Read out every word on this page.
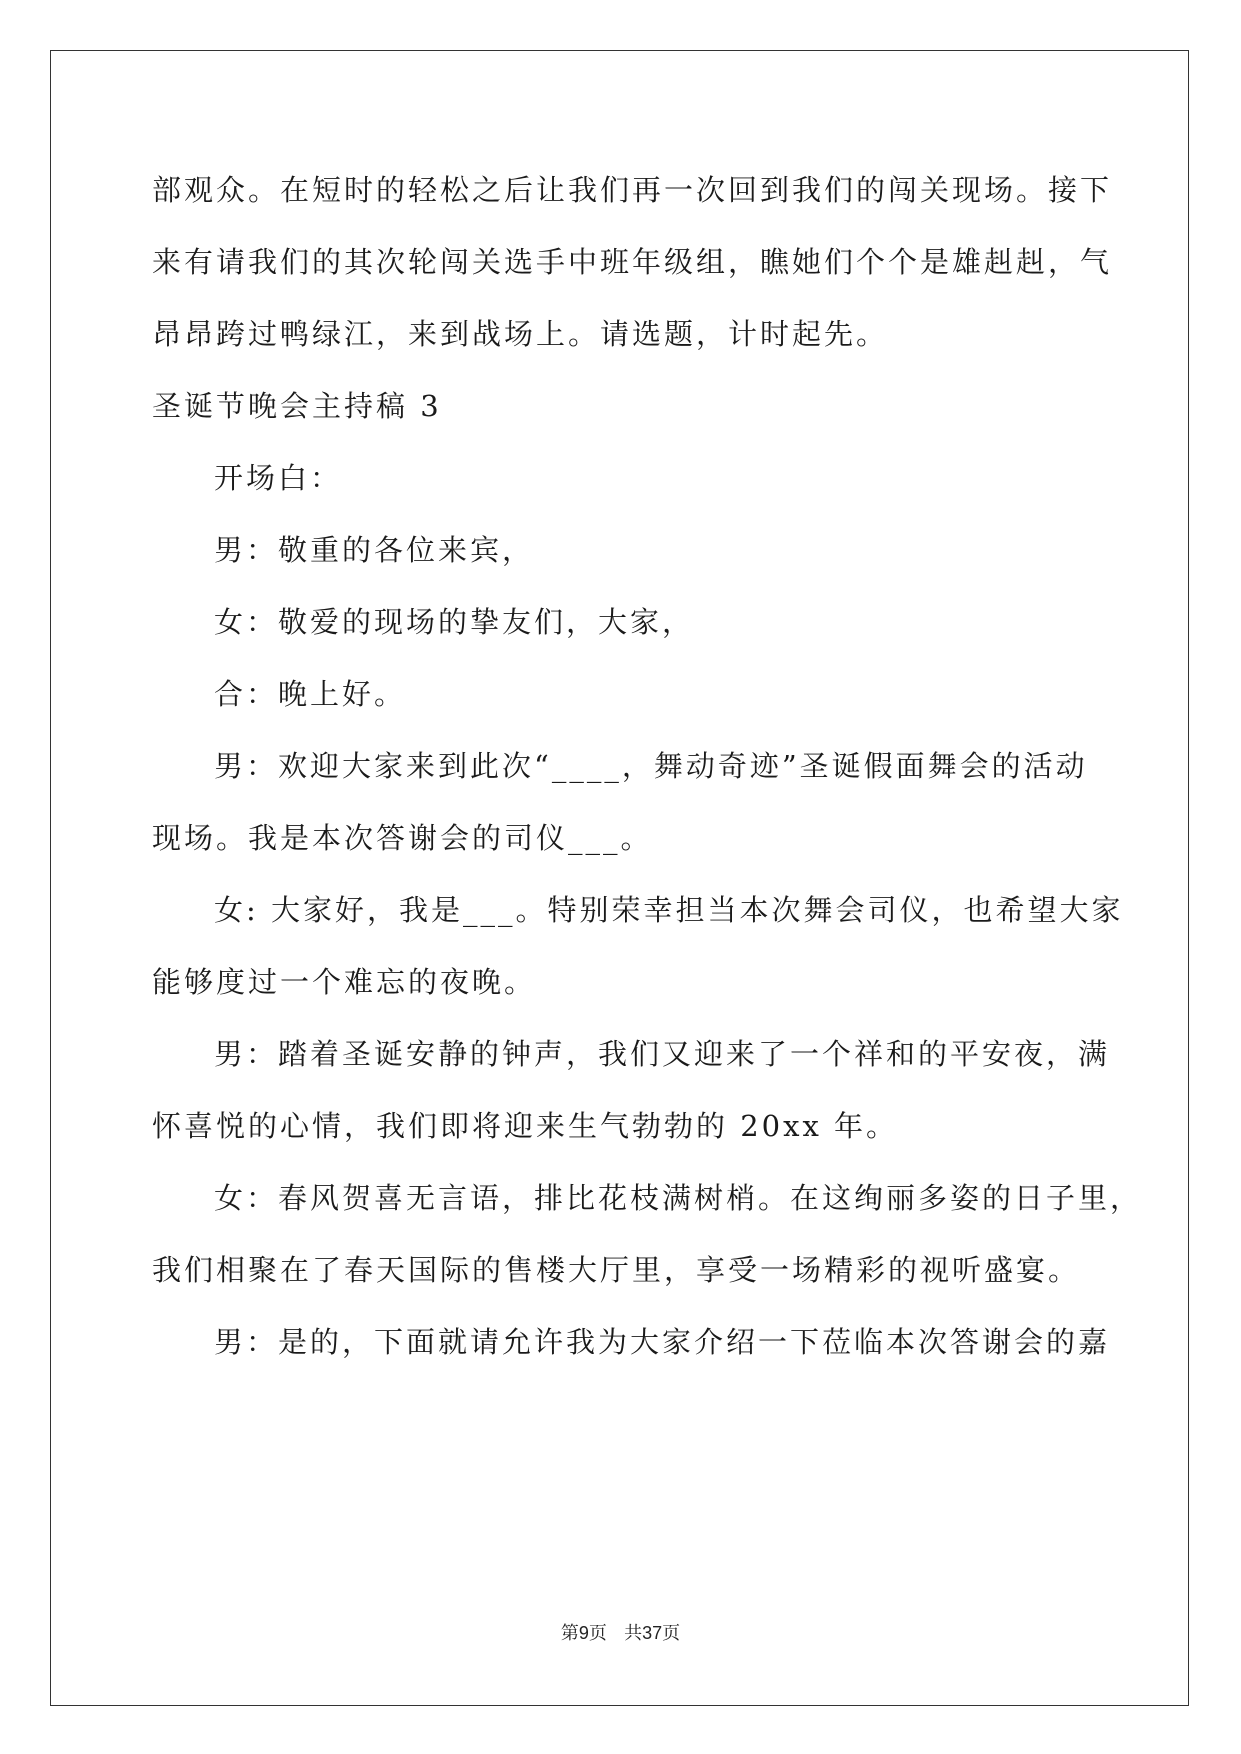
部观众。在短时的轻松之后让我们再一次回到我们的闯关现场。接下
来有请我们的其次轮闯关选手中班年级组，瞧她们个个是雄赳赳，气
昂昂跨过鸭绿江，来到战场上。请选题，计时起先。
圣诞节晚会主持稿 3
开场白：
男：敬重的各位来宾，
女：敬爱的现场的挚友们，大家，
合：晚上好。
男：欢迎大家来到此次“____，舞动奇迹”圣诞假面舞会的活动
现场。我是本次答谢会的司仪___。
女: 大家好，我是___。特别荣幸担当本次舞会司仪，也希望大家
能够度过一个难忘的夜晚。
男：踏着圣诞安静的钟声，我们又迎来了一个祥和的平安夜，满
怀喜悦的心情，我们即将迎来生气勃勃的 20xx 年。
女：春风贺喜无言语，排比花枝满树梢。在这绚丽多姿的日子里，
我们相聚在了春天国际的售楼大厅里，享受一场精彩的视听盛宴。
男：是的，下面就请允许我为大家介绍一下莅临本次答谢会的嘉
第9页 共37页
